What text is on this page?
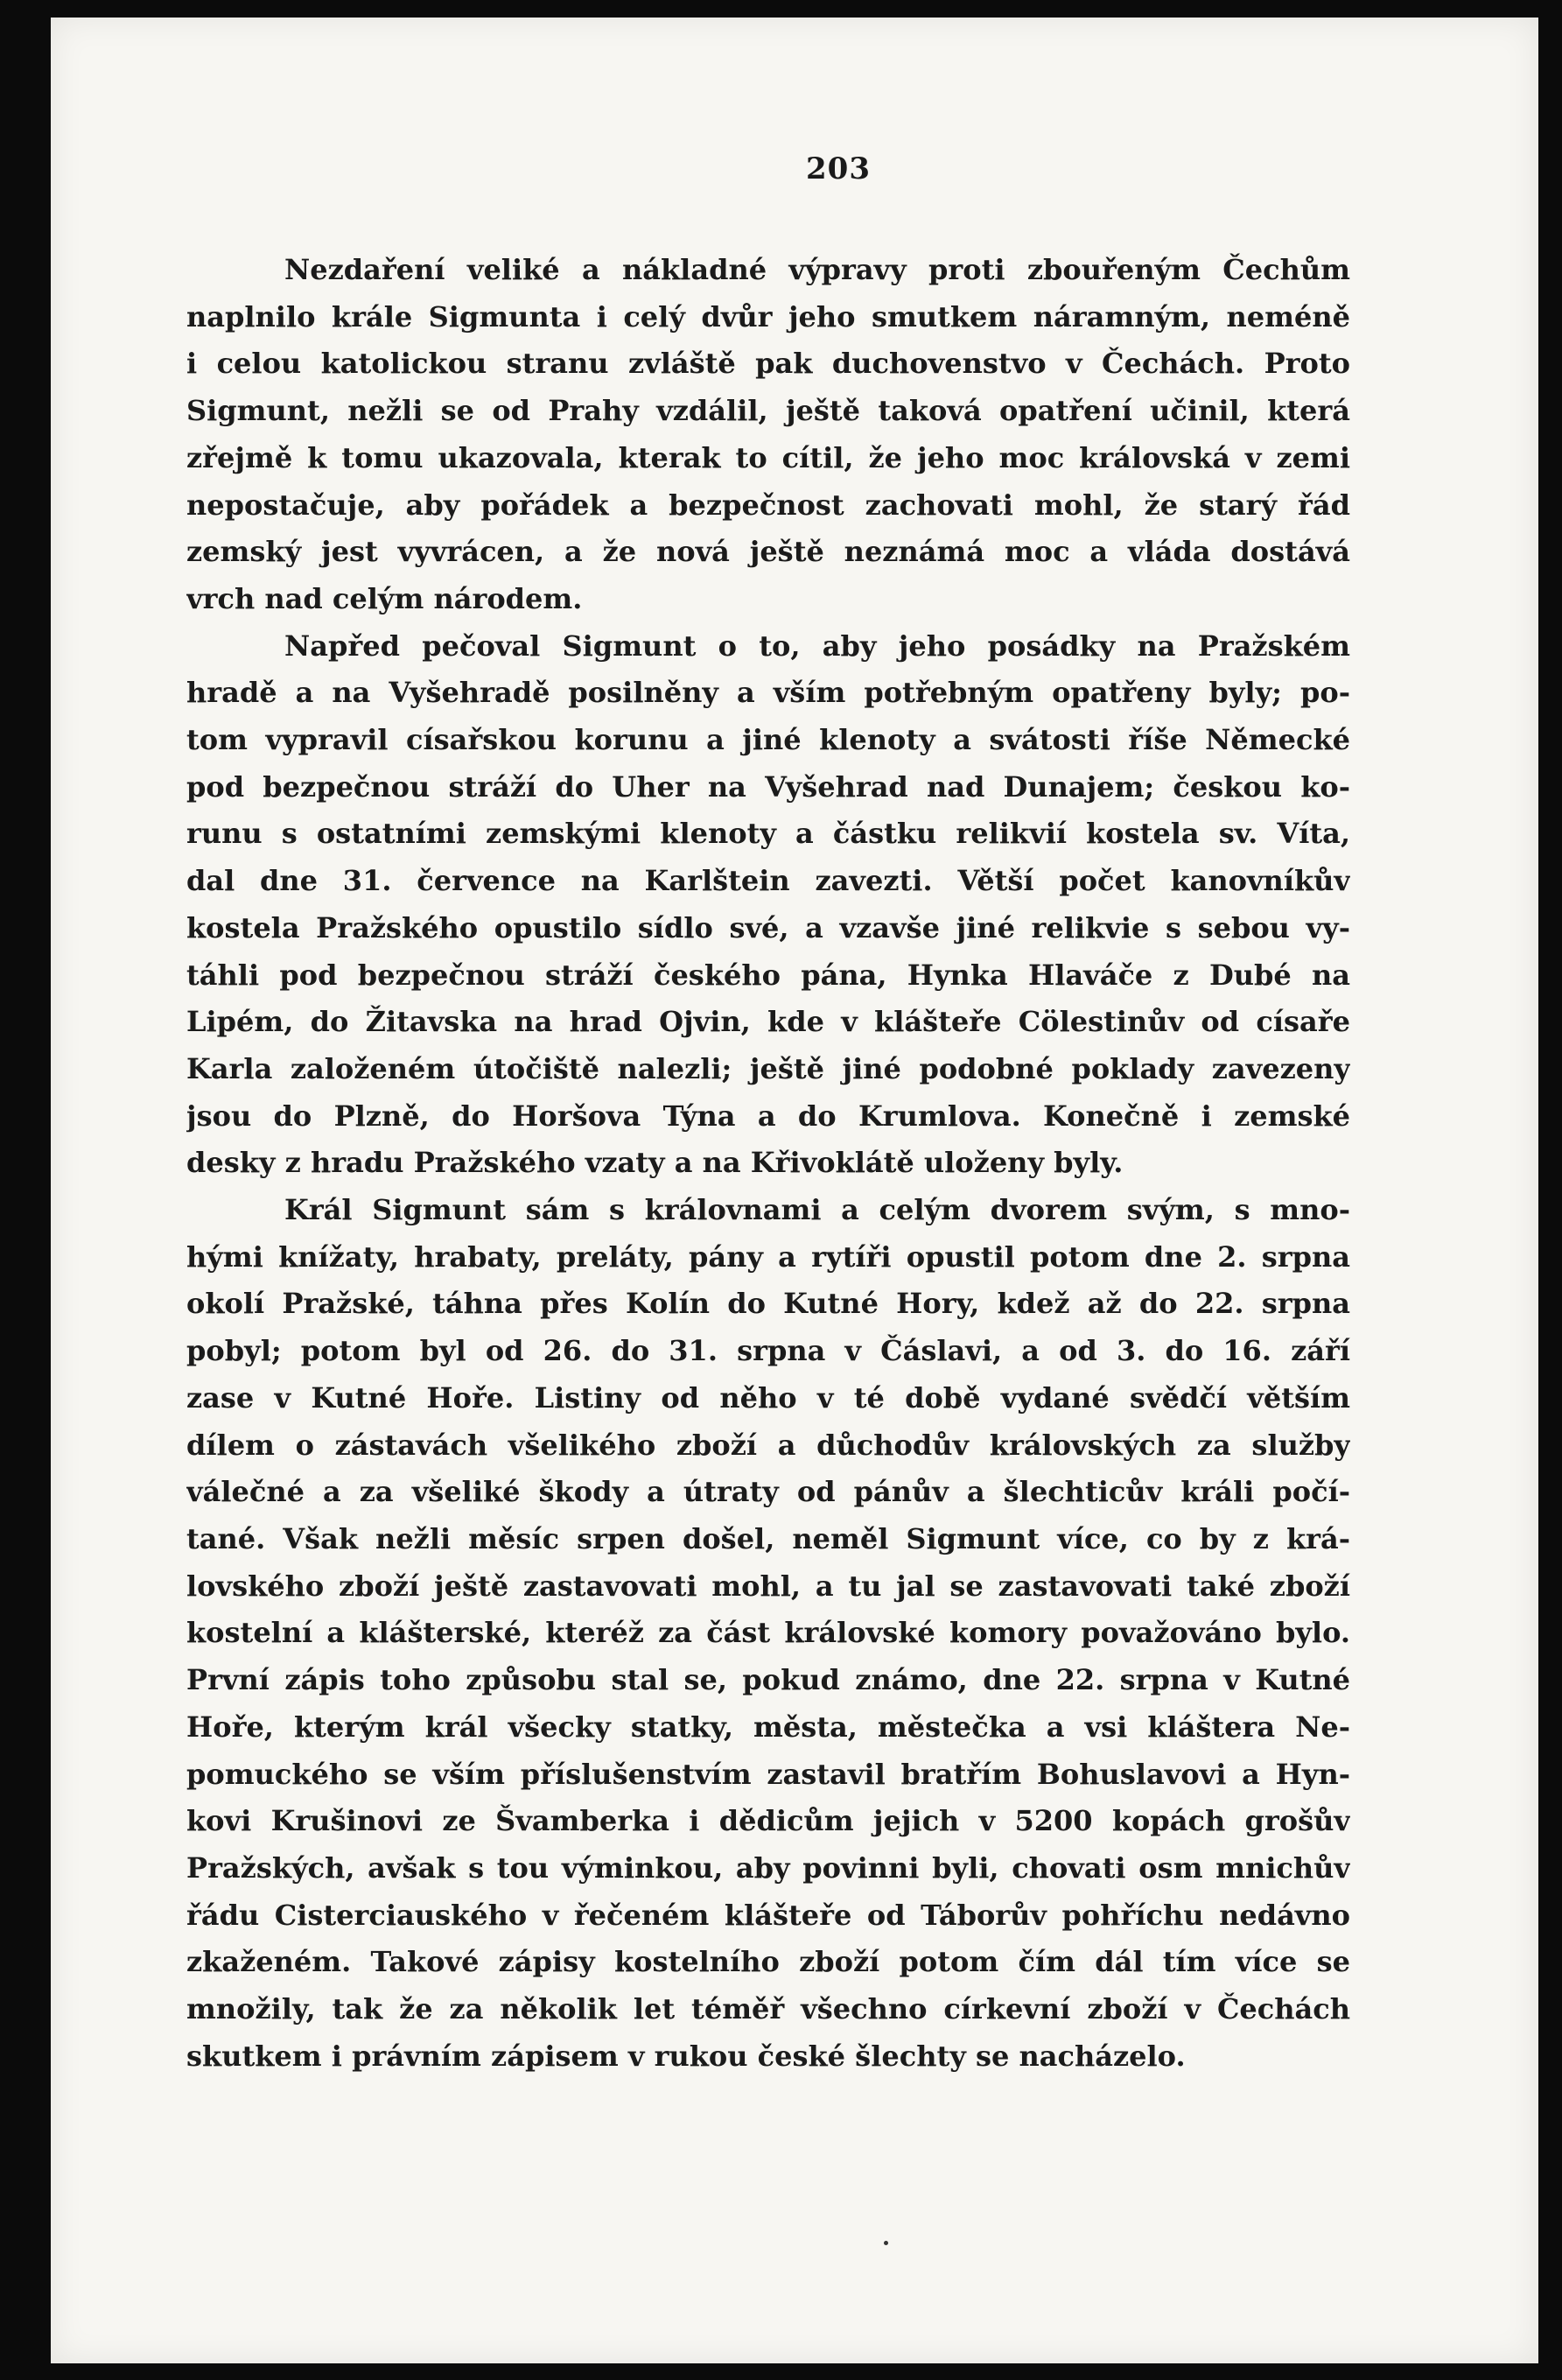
203

Nezdaření veliké a nákladné výpravy proti zbouřeným Čechům
naplnilo krále Sigmunta i celý dvůr jeho smutkem náramným, neméně
i celou katolickou stranu zvláště pak duchovenstvo v Čechách. Proto
Sigmunt, nežli se od Prahy vzdálil, ještě taková opatření učinil, která
zřejmě k tomu ukazovala, kterak to cítil, že jeho moc královská v zemi
nepostačuje, aby pořádek a bezpečnost zachovati mohl, že starý řád
zemský jest vyvrácen, a že nová ještě neznámá moc a vláda dostává
vrch nad celým národem.

Napřed pečoval Sigmunt o to, aby jeho posádky na Pražském
hradě a na Vyšehradě posilněny a vším potřebným opatřeny byly; po-
tom vypravil císařskou korunu a jiné klenoty a svátosti říše Německé
pod bezpečnou stráží do Uher na Vyšehrad nad Dunajem; českou ko-
runu s ostatními zemskými klenoty a částku relikvií kostela sv. Víta,
dal dne 31. července na Karlštein zavezti. Větší počet kanovníkův
kostela Pražského opustilo sídlo své, a vzavše jiné relikvie s sebou vy-
táhli pod bezpečnou stráží českého pána, Hynka Hlaváče z Dubé na
Lipém, do Žitavska na hrad Ojvin, kde v klášteře Cölestinův od císaře
Karla založeném útočiště nalezli; ještě jiné podobné poklady zavezeny
jsou do Plzně, do Horšova Týna a do Krumlova. Konečně i zemské
desky z hradu Pražského vzaty a na Křivoklátě uloženy byly.

Král Sigmunt sám s královnami a celým dvorem svým, s mno-
hými knížaty, hrabaty, preláty, pány a rytíři opustil potom dne 2. srpna
okolí Pražské, táhna přes Kolín do Kutné Hory, kdež až do 22. srpna
pobyl; potom byl od 26. do 31. srpna v Čáslavi, a od 3. do 16. září
zase v Kutné Hoře. Listiny od něho v té době vydané svědčí větším
dílem o zástavách všelikého zboží a důchodův královských za služby
válečné a za všeliké škody a útraty od pánův a šlechticův králi počí-
tané. Však nežli měsíc srpen došel, neměl Sigmunt více, co by z krá-
lovského zboží ještě zastavovati mohl, a tu jal se zastavovati také zboží
kostelní a klášterské, kteréž za část královské komory považováno bylo.
První zápis toho způsobu stal se, pokud známo, dne 22. srpna v Kutné
Hoře, kterým král všecky statky, města, městečka a vsi kláštera Ne-
pomuckého se vším příslušenstvím zastavil bratřím Bohuslavovi a Hyn-
kovi Krušinovi ze Švamberka i dědicům jejich v 5200 kopách grošův
Pražských, avšak s tou výminkou, aby povinni byli, chovati osm mnichův
řádu Cisterciauského v řečeném klášteře od Táborův pohříchu nedávno
zkaženém. Takové zápisy kostelního zboží potom čím dál tím více se
množily, tak že za několik let téměř všechno církevní zboží v Čechách
skutkem i právním zápisem v rukou české šlechty se nacházelo.
